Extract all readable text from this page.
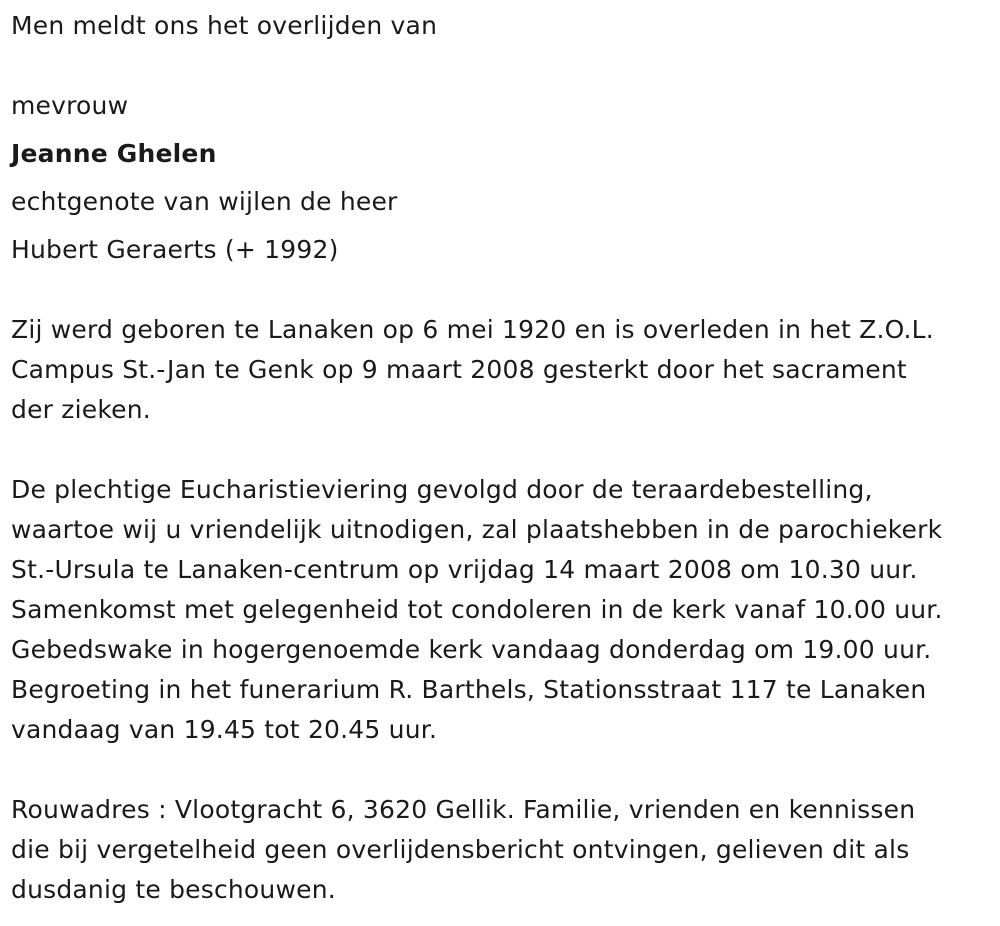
Men meldt ons het overlijden van
mevrouw
Jeanne Ghelen
echtgenote van wijlen de heer
Hubert Geraerts (+ 1992)
Zij werd geboren te Lanaken op 6 mei 1920 en is overleden in het Z.O.L.
Campus St.-Jan te Genk op 9 maart 2008 gesterkt door het sacrament
der zieken.
De plechtige Eucharistieviering gevolgd door de teraardebestelling,
waartoe wij u vriendelijk uitnodigen, zal plaatshebben in de parochiekerk
St.-Ursula te Lanaken-centrum op vrijdag 14 maart 2008 om 10.30 uur.
Samenkomst met gelegenheid tot condoleren in de kerk vanaf 10.00 uur.
Gebedswake in hogergenoemde kerk vandaag donderdag om 19.00 uur.
Begroeting in het funerarium R. Barthels, Stationsstraat 117 te Lanaken
vandaag van 19.45 tot 20.45 uur.
Rouwadres : Vlootgracht 6, 3620 Gellik. Familie, vrienden en kennissen
die bij vergetelheid geen overlijdensbericht ontvingen, gelieven dit als
dusdanig te beschouwen.
